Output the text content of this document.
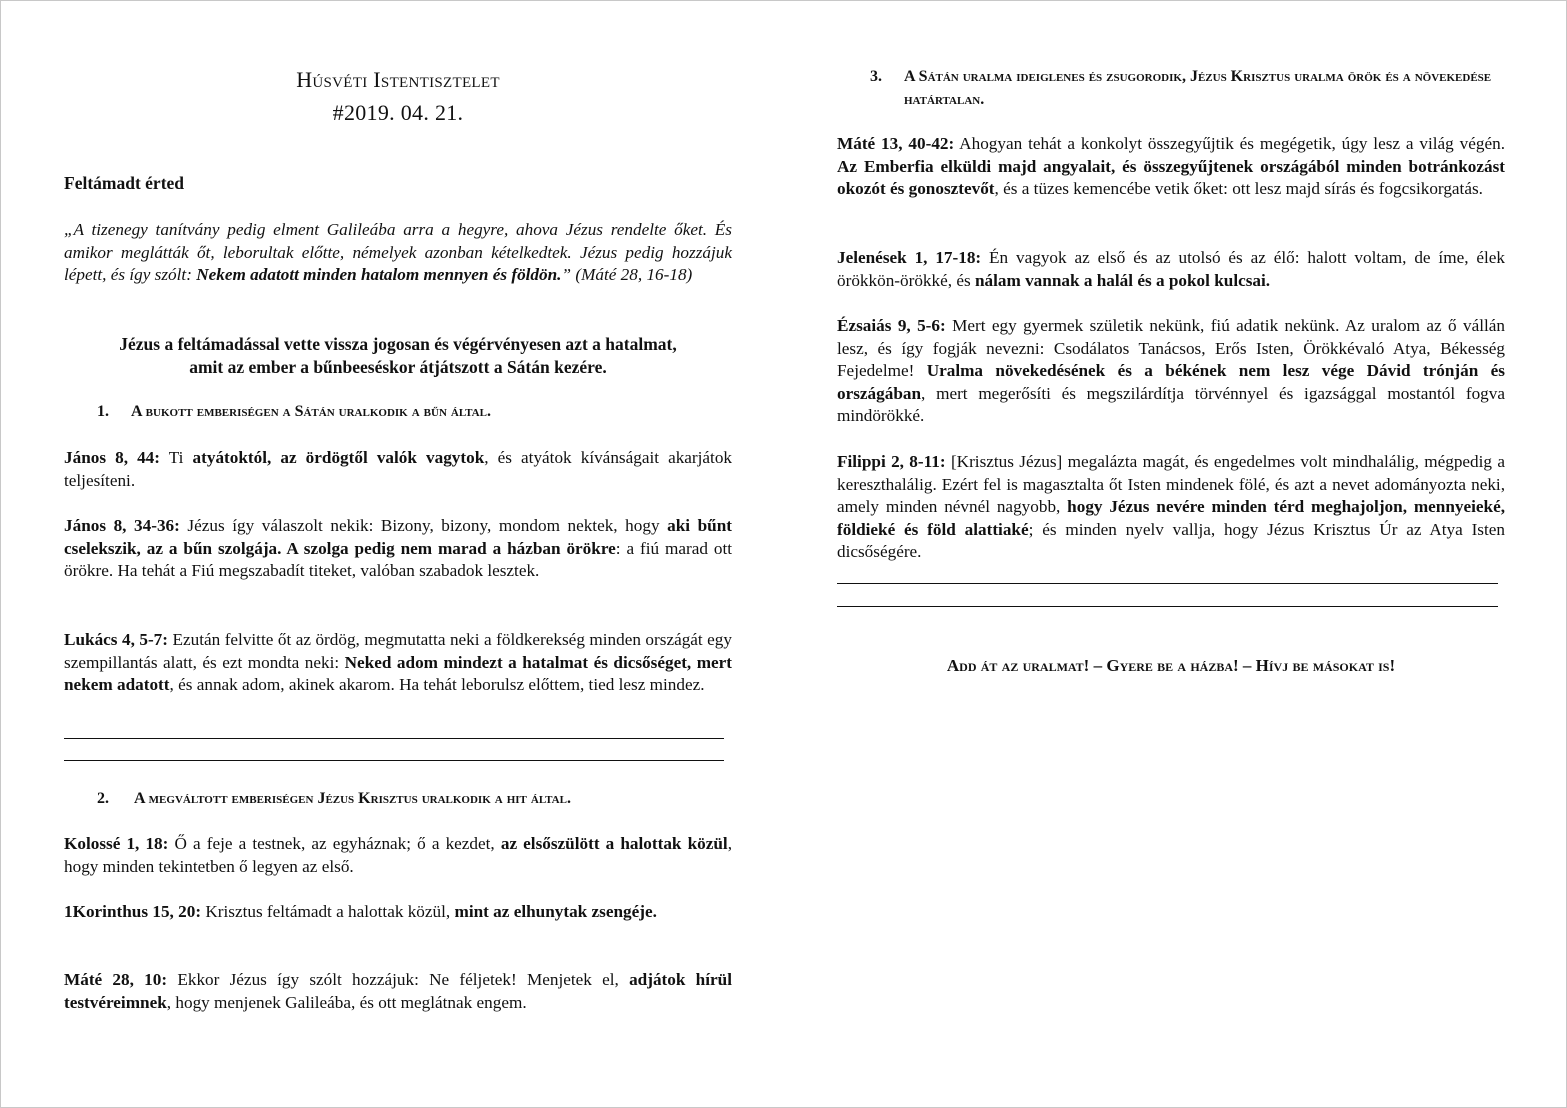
Húsvéti Istentisztelet
#2019. 04. 21.
Feltámadt érted
„A tizenegy tanítvány pedig elment Galileába arra a hegyre, ahova Jézus rendelte őket. És amikor meglátták őt, leborultak előtte, némelyek azonban kételkedtek. Jézus pedig hozzájuk lépett, és így szólt: Nekem adatott minden hatalom mennyen és földön.” (Máté 28, 16-18)
Jézus a feltámadással vette vissza jogosan és végérvényesen azt a hatalmat,
amit az ember a bűnbeeséskor átjátszott a Sátán kezére.
1.	A bukott emberiségen a Sátán uralkodik a bűn által.
János 8, 44: Ti atyátoktól, az ördögtől valók vagytok, és atyátok kívánságait akarjátok teljesíteni.
János 8, 34-36: Jézus így válaszolt nekik: Bizony, bizony, mondom nektek, hogy aki bűnt cselekszik, az a bűn szolgája. A szolga pedig nem marad a házban örökre: a fiú marad ott örökre. Ha tehát a Fiú megszabadít titeket, valóban szabadok lesztek.
Lukács 4, 5-7: Ezután felvitte őt az ördög, megmutatta neki a földkerekség minden országát egy szempillantás alatt, és ezt mondta neki: Neked adom mindezt a hatalmat és dicsőséget, mert nekem adatott, és annak adom, akinek akarom. Ha tehát leborulsz előttem, tied lesz mindez.
2.	A megváltott emberiségen Jézus Krisztus uralkodik a hit által.
Kolossé 1, 18: Ő a feje a testnek, az egyháznak; ő a kezdet, az elsőszülött a halottak közül, hogy minden tekintetben ő legyen az első.
1Korinthus 15, 20: Krisztus feltámadt a halottak közül, mint az elhunytak zsengéje.
Máté 28, 10: Ekkor Jézus így szólt hozzájuk: Ne féljetek! Menjetek el, adjátok hírül testvéreimnek, hogy menjenek Galileába, és ott meglátnak engem.
3.	A Sátán uralma ideiglenes és zsugorodik, Jézus Krisztus uralma örök és a növekedése határtalan.
Máté 13, 40-42: Ahogyan tehát a konkolyt összegyűjtik és megégetik, úgy lesz a világ végén. Az Emberfia elküldi majd angyalait, és összegyűjtenek országából minden botránkozást okozót és gonosztevőt, és a tüzes kemencébe vetik őket: ott lesz majd sírás és fogcsikorgatás.
Jelenések 1, 17-18: Én vagyok az első és az utolsó és az élő: halott voltam, de íme, élek örökkön-örökké, és nálam vannak a halál és a pokol kulcsai.
Ézsaiás 9, 5-6: Mert egy gyermek születik nekünk, fiú adatik nekünk. Az uralom az ő vállán lesz, és így fogják nevezni: Csodálatos Tanácsos, Erős Isten, Örökkévaló Atya, Békesség Fejedelme! Uralma növekedésének és a békének nem lesz vége Dávid trónján és országában, mert megerősíti és megszilárdítja törvénnyel és igazsággal mostantól fogva mindörökké.
Filippi 2, 8-11: [Krisztus Jézus] megalázta magát, és engedelmes volt mindhalálig, mégpedig a kereszthalálig. Ezért fel is magasztalta őt Isten mindenek fölé, és azt a nevet adományozta neki, amely minden névnél nagyobb, hogy Jézus nevére minden térd meghajoljon, mennyeieké, földieké és föld alattiaké; és minden nyelv vallja, hogy Jézus Krisztus Úr az Atya Isten dicsőségére.
Add át az uralmat! – Gyere be a házba! – Hívj be másokat is!
